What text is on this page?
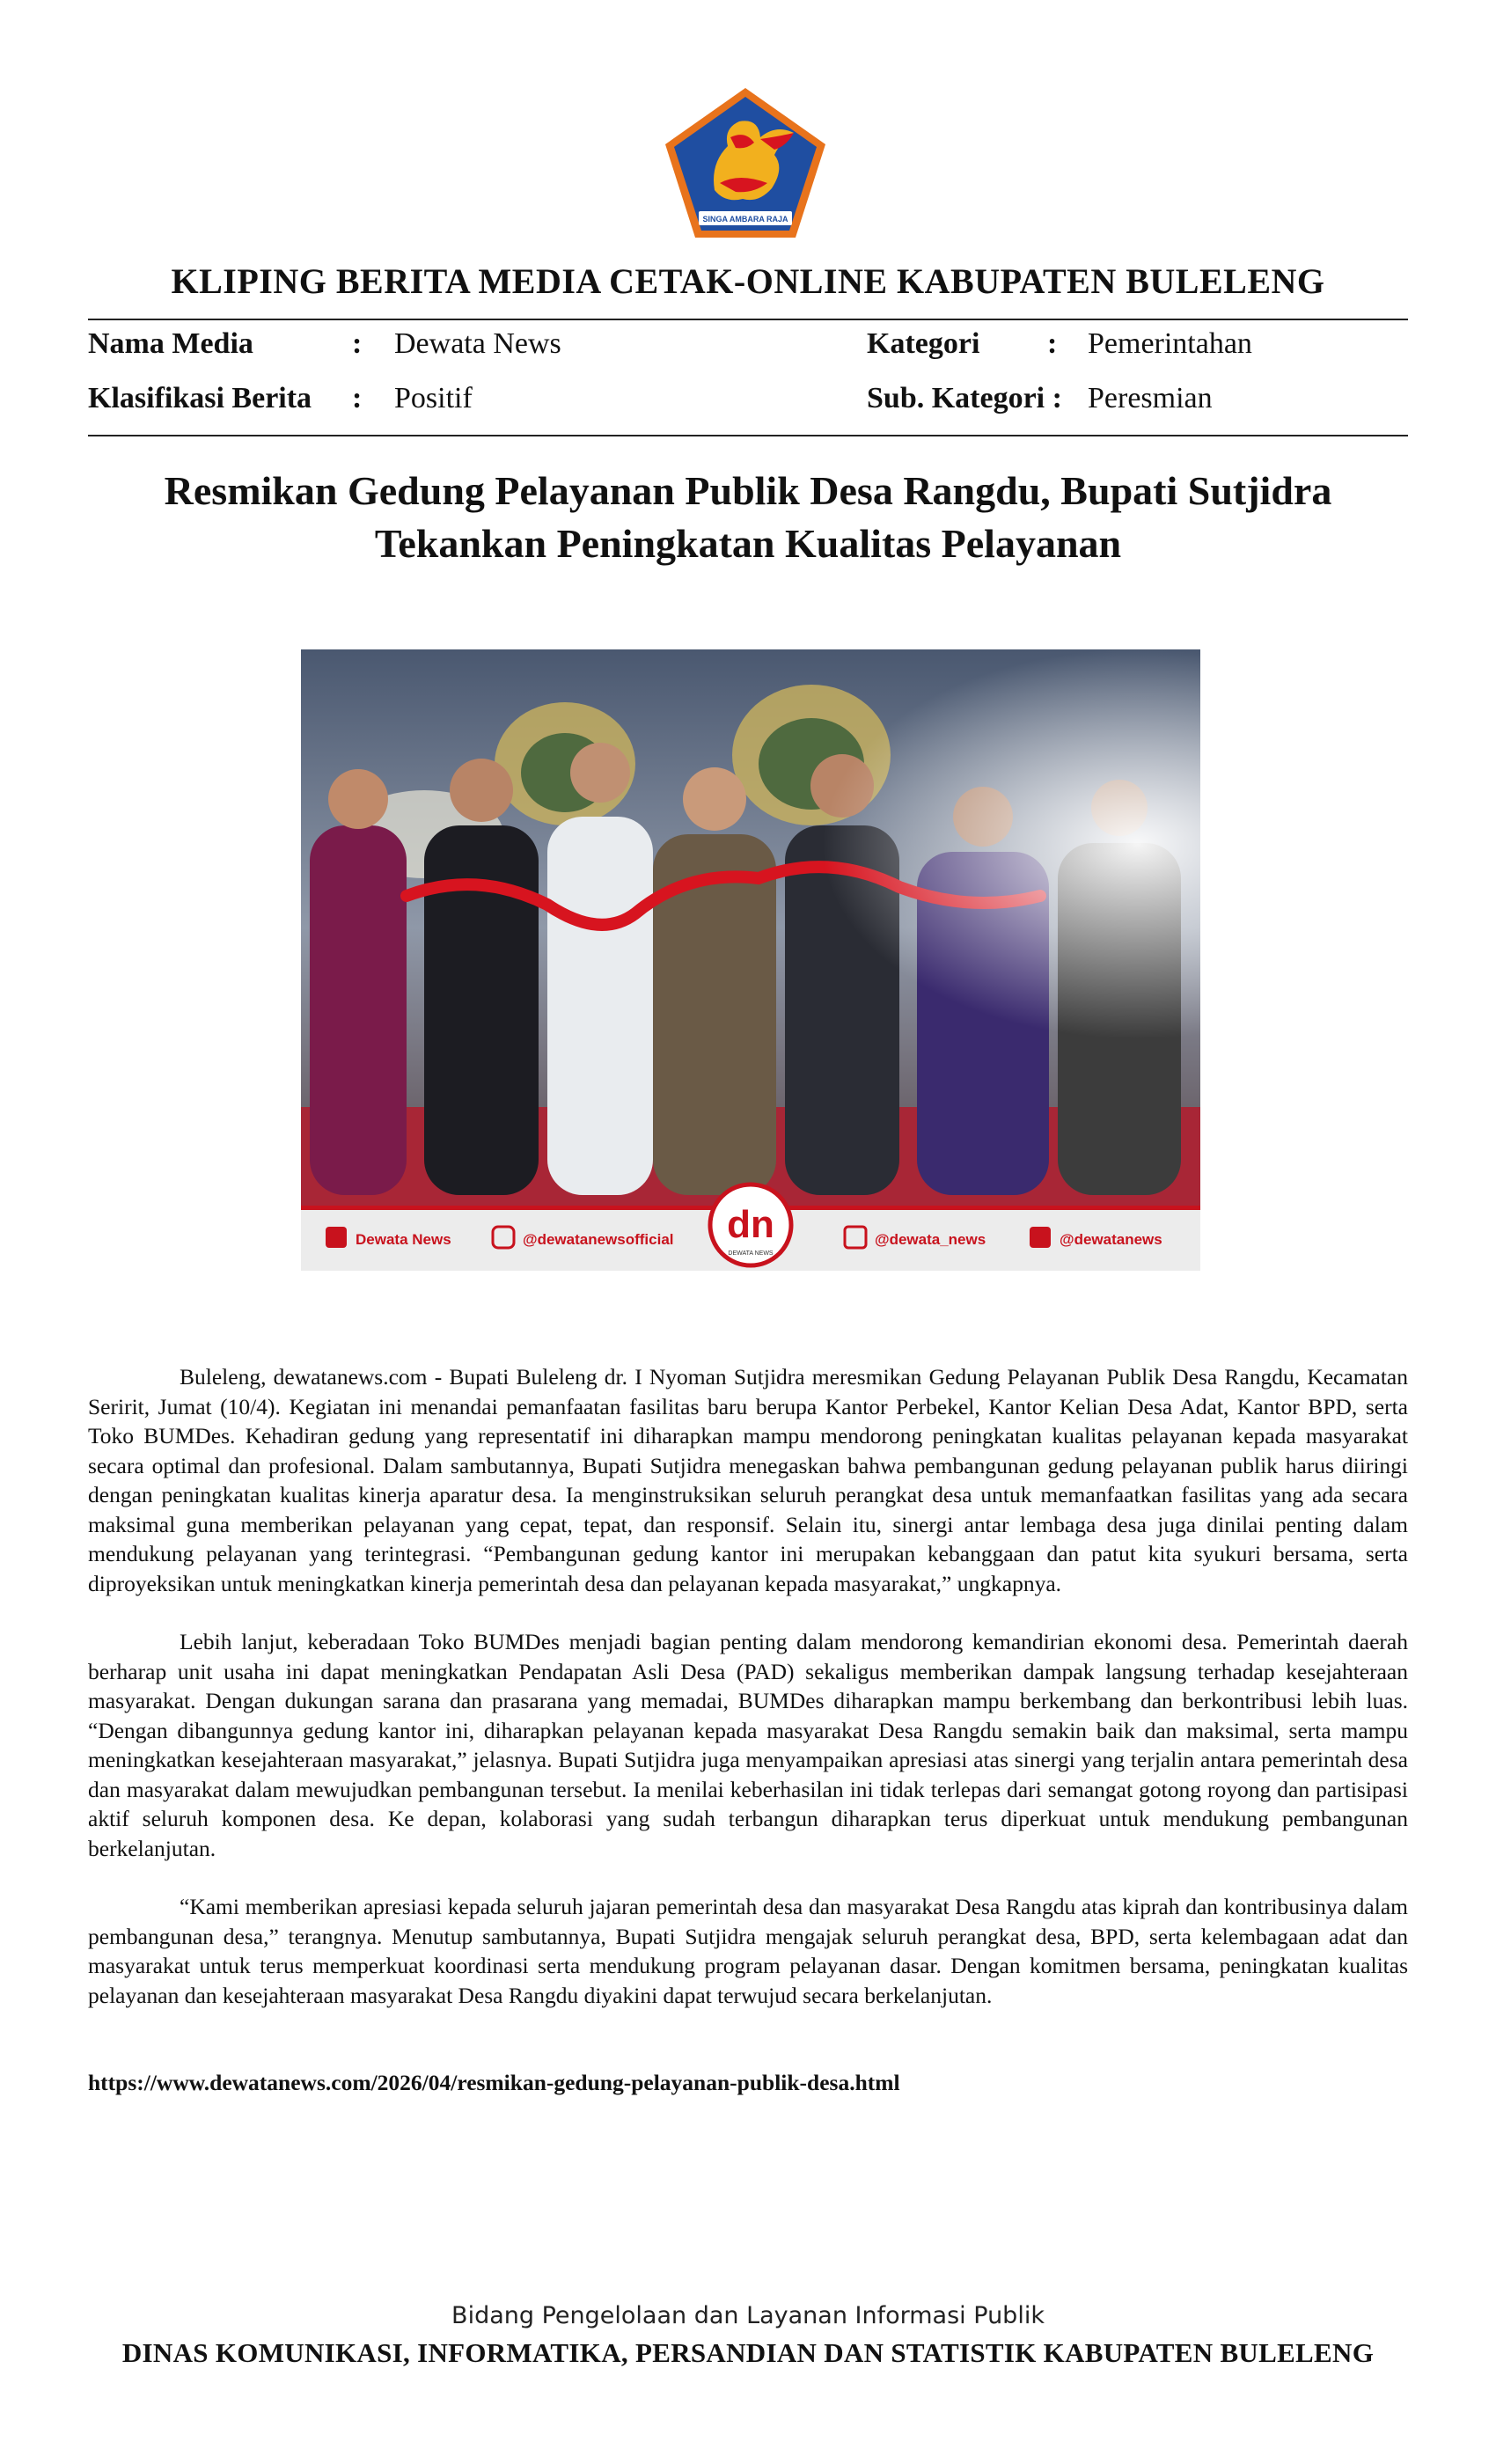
SINGA AMBARA RAJA
KLIPING BERITA MEDIA CETAK-ONLINE KABUPATEN BULELENG
Nama Media	: Dewata News	Kategori : Pemerintahan
Klasifikasi Berita : Positif	Sub. Kategori : Peresmian
Resmikan Gedung Pelayanan Publik Desa Rangdu, Bupati Sutjidra
Tekankan Peningkatan Kualitas Pelayanan
Dewata News	@dewatanewsofficial dn
DEWATA NEWS
@dewata_news	@dewatanews

Buleleng, dewatanews.com - Bupati Buleleng dr. I Nyoman Sutjidra meresmikan Gedung Pelayanan Publik Desa Rangdu, Kecamatan Seririt, Jumat (10/4). Kegiatan ini menandai pemanfaatan fasilitas baru berupa Kantor Perbekel, Kantor Kelian Desa Adat, Kantor BPD, serta Toko BUMDes. Kehadiran gedung yang representatif ini diharapkan mampu mendorong peningkatan kualitas pelayanan kepada masyarakat secara optimal dan profesional. Dalam sambutannya, Bupati Sutjidra menegaskan bahwa pembangunan gedung pelayanan publik harus diiringi dengan peningkatan kualitas kinerja aparatur desa. Ia menginstruksikan seluruh perangkat desa untuk memanfaatkan fasilitas yang ada secara maksimal guna memberikan pelayanan yang cepat, tepat, dan responsif. Selain itu, sinergi antar lembaga desa juga dinilai penting dalam mendukung pelayanan yang terintegrasi. “Pembangunan gedung kantor ini merupakan kebanggaan dan patut kita syukuri bersama, serta diproyeksikan untuk meningkatkan kinerja pemerintah desa dan pelayanan kepada masyarakat,” ungkapnya.

Lebih lanjut, keberadaan Toko BUMDes menjadi bagian penting dalam mendorong kemandirian ekonomi desa. Pemerintah daerah berharap unit usaha ini dapat meningkatkan Pendapatan Asli Desa (PAD) sekaligus memberikan dampak langsung terhadap kesejahteraan masyarakat. Dengan dukungan sarana dan prasarana yang memadai, BUMDes diharapkan mampu berkembang dan berkontribusi lebih luas. “Dengan dibangunnya gedung kantor ini, diharapkan pelayanan kepada masyarakat Desa Rangdu semakin baik dan maksimal, serta mampu meningkatkan kesejahteraan masyarakat,” jelasnya. Bupati Sutjidra juga menyampaikan apresiasi atas sinergi yang terjalin antara pemerintah desa dan masyarakat dalam mewujudkan pembangunan tersebut. Ia menilai keberhasilan ini tidak terlepas dari semangat gotong royong dan partisipasi aktif seluruh komponen desa. Ke depan, kolaborasi yang sudah terbangun diharapkan terus diperkuat untuk mendukung pembangunan berkelanjutan.

“Kami memberikan apresiasi kepada seluruh jajaran pemerintah desa dan masyarakat Desa Rangdu atas kiprah dan kontribusinya dalam pembangunan desa,” terangnya. Menutup sambutannya, Bupati Sutjidra mengajak seluruh perangkat desa, BPD, serta kelembagaan adat dan masyarakat untuk terus memperkuat koordinasi serta mendukung program pelayanan dasar. Dengan komitmen bersama, peningkatan kualitas pelayanan dan kesejahteraan masyarakat Desa Rangdu diyakini dapat terwujud secara berkelanjutan.

https://www.dewatanews.com/2026/04/resmikan-gedung-pelayanan-publik-desa.html
Bidang Pengelolaan dan Layanan Informasi Publik
DINAS KOMUNIKASI, INFORMATIKA, PERSANDIAN DAN STATISTIK KABUPATEN BULELENG
